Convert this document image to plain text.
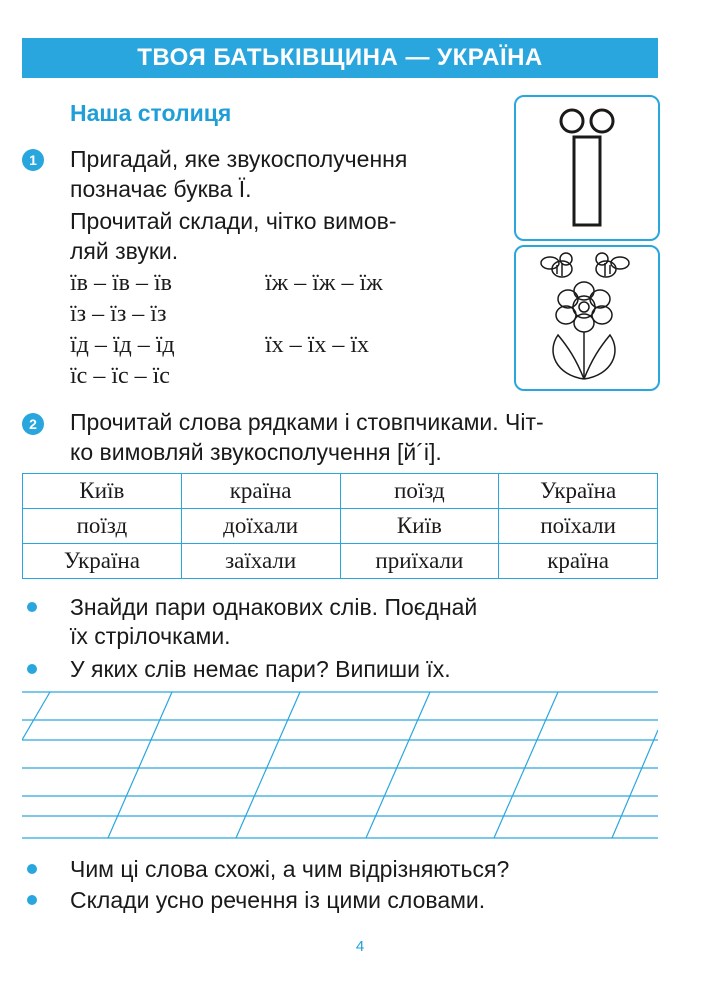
ТВОЯ БАТЬКІВЩИНА — УКРАЇНА
Наша столиця
1 Пригадай, яке звукосполучення
позначає буква Ї.
Прочитай склади, чітко вимов-
ляй звуки.
їв – їв – їв	їж – їж – їж
їз – їз – їз
їд – їд – їд	їх – їх – їх
їс – їс – їс
2 Прочитай слова рядками і стовпчиками. Чіт-
ко вимовляй звукосполучення [й´і].
Київ	країна	поїзд	Україна
поїзд	доїхали	Київ	поїхали
Україна	заїхали	приїхали	країна
Знайди пари однакових слів. Поєднай
їх стрілочками.
У яких слів немає пари? Випиши їх.
Чим ці слова схожі, а чим відрізняються?
Склади усно речення із цими словами.
4
